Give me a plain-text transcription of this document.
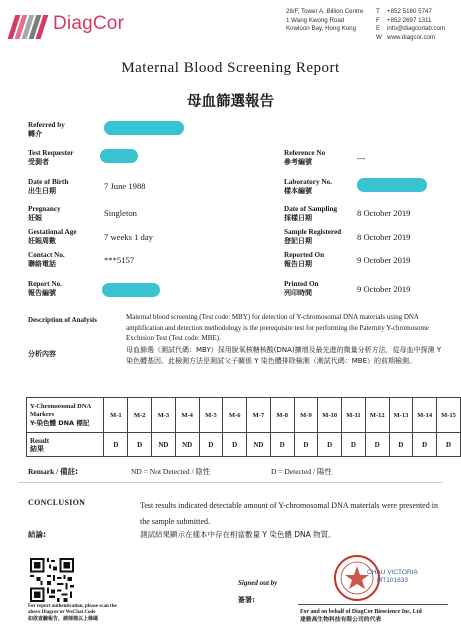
DiagCor
28/F, Tower A, Billion Centre
1 Wang Kwong Road
Kowloon Bay, Hong Kong
T +852 5180 5747
F +852 2697 1311
E info@diagcorlab.com
W www.diagcor.com
Maternal Blood Screening Report
母血篩選報告
Referred by
轉介
Test Requester
受測者
Date of Birth
出生日期	7 June 1988
Pregnancy
妊娠	Singleton
Gestational Age
妊娠周數	7 weeks 1 day
Contact No.
聯絡電話	***5157
Report No.
報告編號
Reference No
參考編號	---
Laboratory No.
樣本編號
Date of Sampling
採樣日期	8 October 2019
Sample Registered
登記日期	8 October 2019
Reported On
報告日期	9 October 2019
Printed On
列印時間	9 October 2019
Description of Analysis
分析內容
Maternal blood screening (Test code: MBY) for detection of Y-chromosomal DNA materials using DNA amplification and detection methodology is the prerequisite test for performing the Paternity Y-chromosome Exclusion Test (Test code: MBE).
母血篩選（測試代碼：MBY）採用脫氧核糖核酸(DNA)擴增及最先進的微量分析方法，從母血中探測 Y 染色體基因。此檢測方法是測試父子關係 Y 染色體排除檢測（測試代碼：MBE）的前期檢測。
Y-Chromosomal DNA Markers
Y-染色體 DNA 標記	M-1	M-2	M-3	M-4	M-5	M-6	M-7	M-8	M-9	M-10	M-11	M-12	M-13	M-14	M-15

Result
結果	D	D	ND	ND	D	D	ND	D	D	D	D	D	D	D	D
Remark / 備註:	ND = Not Detected / 陰性	D = Detected / 陽性
CONCLUSION
結論:
Test results indicated detectable amount of Y-chromosomal DNA materials were presented in the sample submitted.
測試結果顯示在樣本中存在相當數量 Y 染色體 DNA 物質。
For report authentication, please scan the above Diagcor or WeChat Code
如欲查驗報告，請掃描以上條碼
Signed out by
簽署:
CHAU VICTORIA
MT101633
For and on behalf of DiagCor Bioscience Inc. Ltd
達雅高生物科技有限公司的代表
